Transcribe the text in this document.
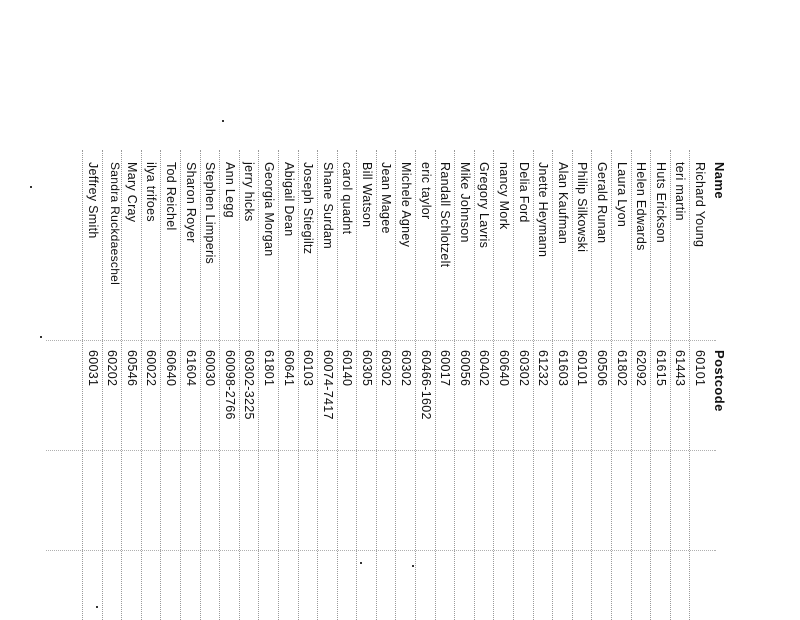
Name
Postcode
Richard Young
60101
teri martin
61443
Huts Erickson
61615
Helen Edwards
62092
Laura Lyon
61802
Gerald Runan
60506
Philip Silkowski
60101
Alan Kaufman
61603
Jnette Heymann
61232
Delia Ford
60302
nancy Mork
60640
Gregory Lavris
60402
Mike Johnson
60056
Randall Schlotzelt
60017
eric taylor
60466-1602
Michele Agney
60302
Jean Magee
60302
Bill Watson
60305
carol quadnt
60140
Shane Surdam
60074-7417
Joseph Stiegiltz
60103
Abigail Dean
60641
Georgia Morgan
61801
jerry hicks
60302-3225
Ann Legg
60098-2766
Stephen Limperis
60030
Sharon Royer
61604
Tod Reichel
60640
ilya trifoes
60022
Mary Cray
60546
Sandra Ruckdaeschel
60202
Jeffrey Smith
60031
